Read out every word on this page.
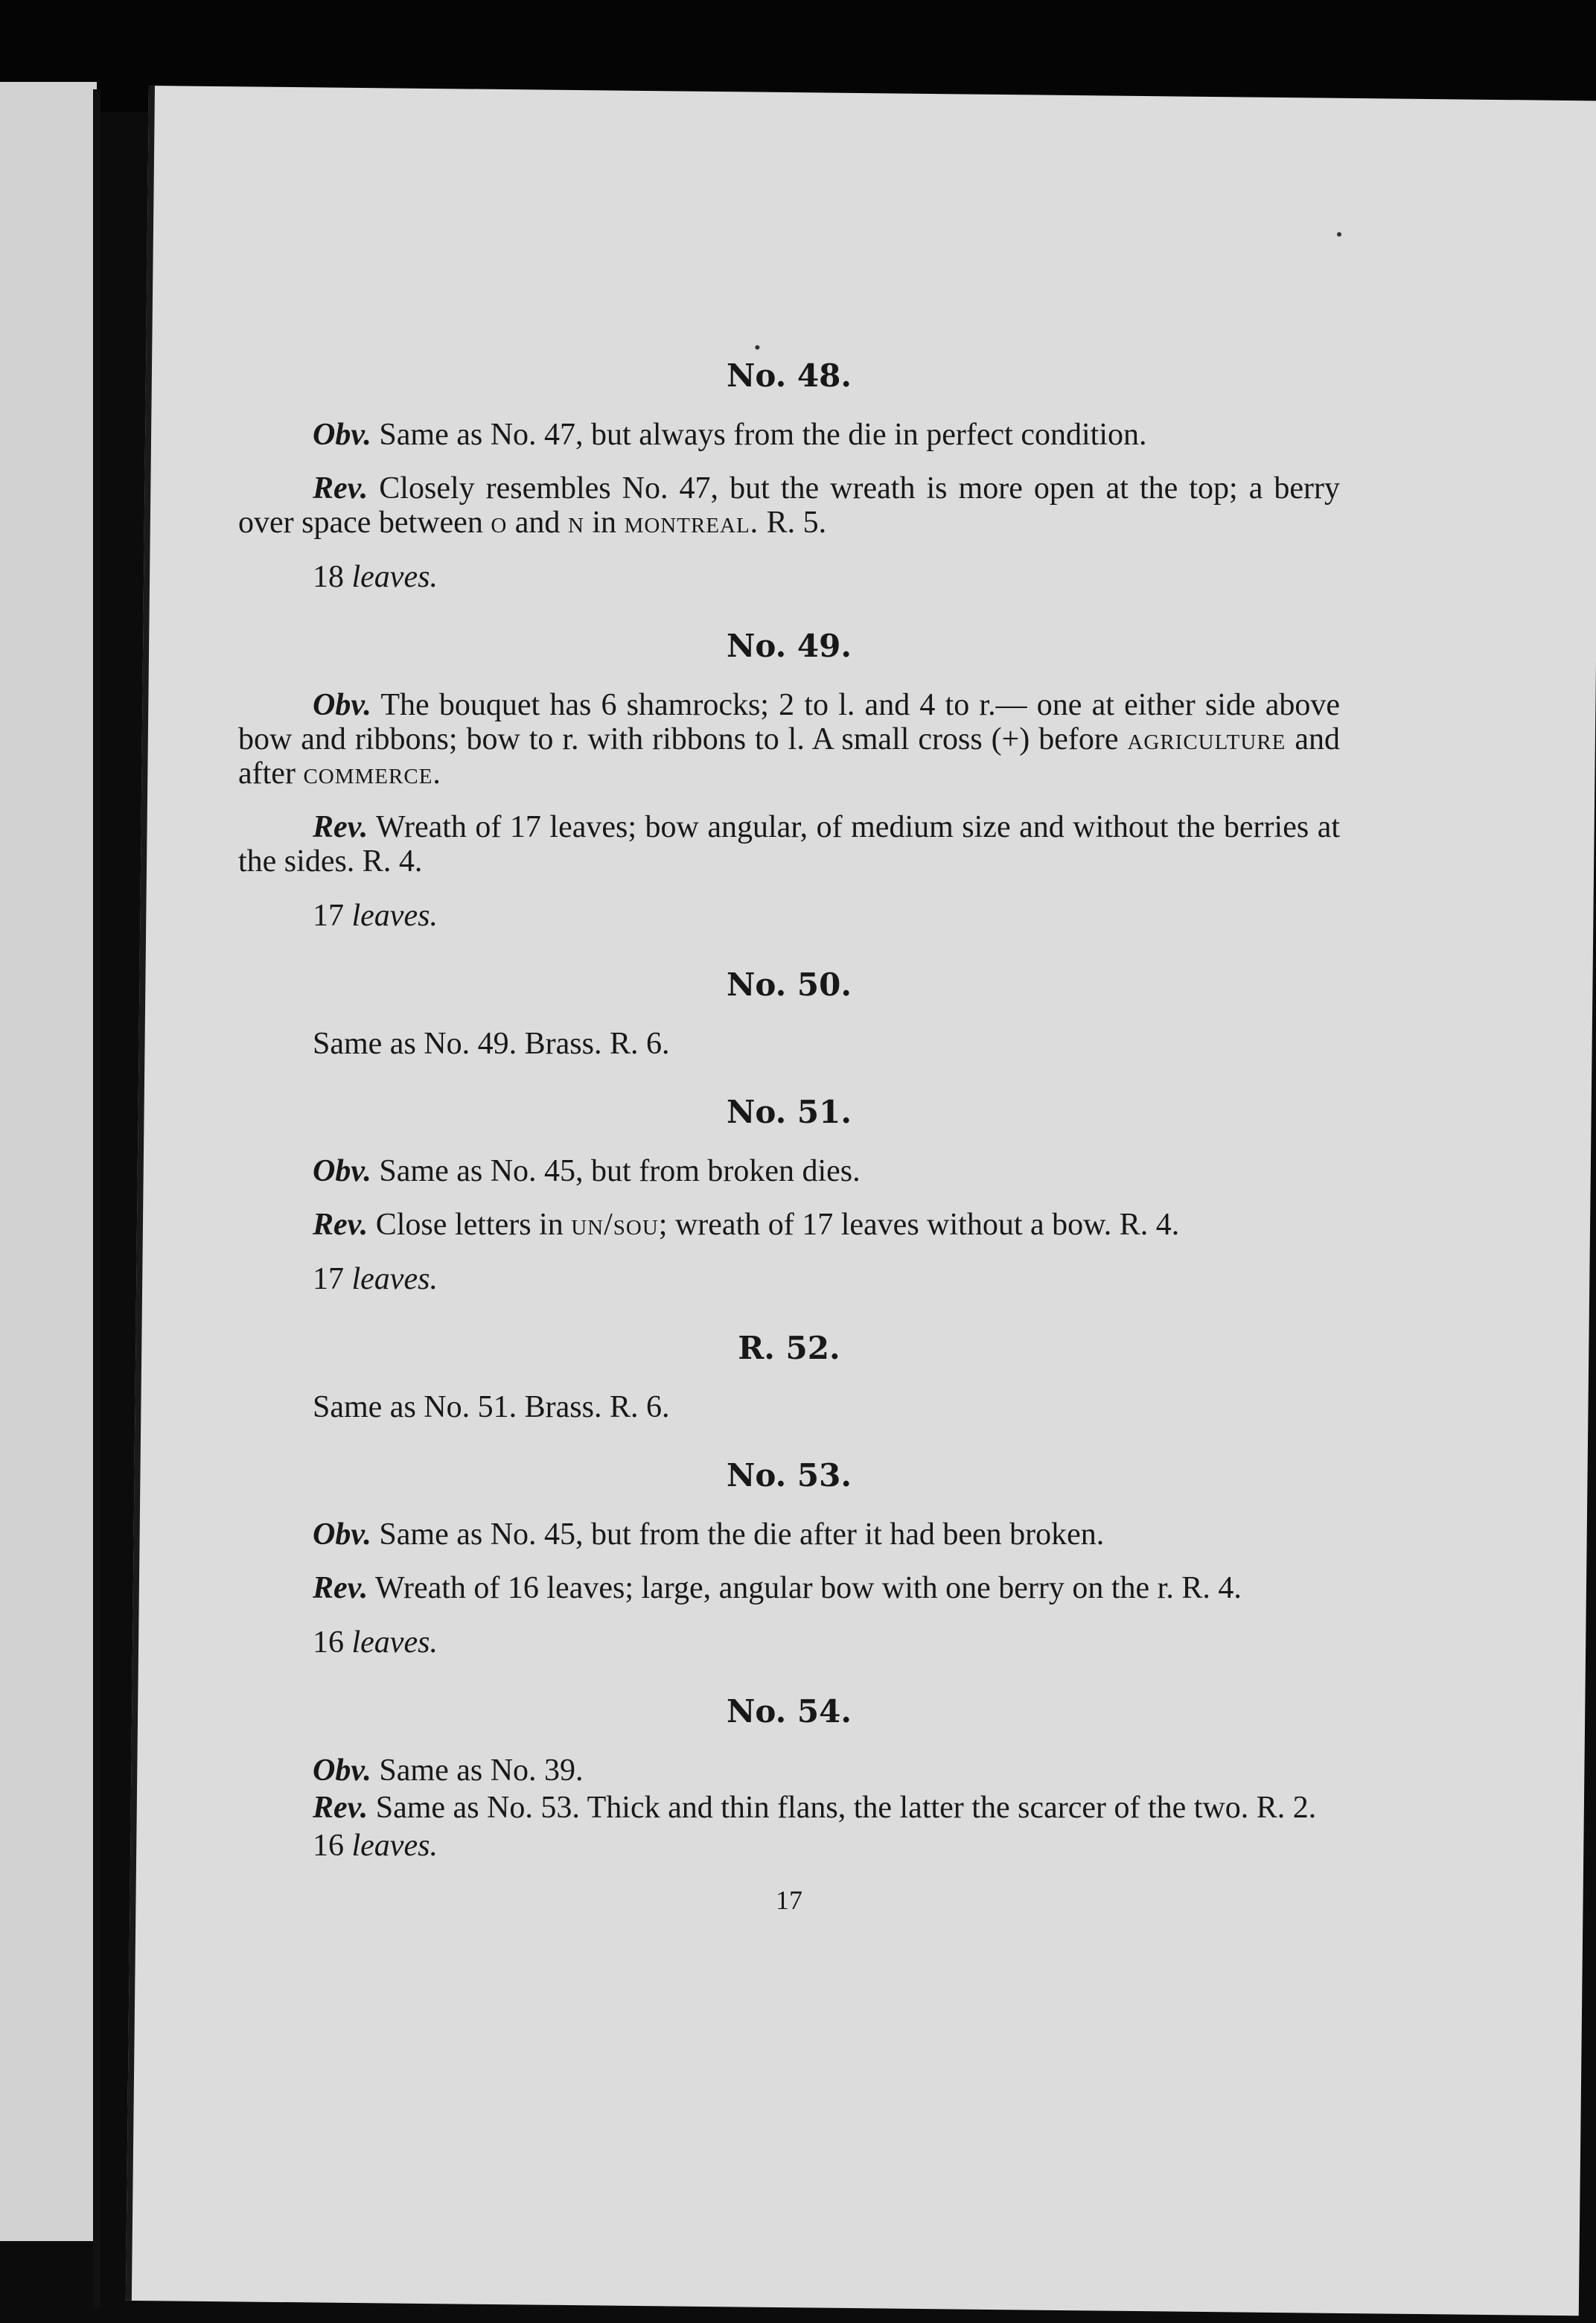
No. 48.

Obv. Same as No. 47, but always from the die in perfect condition.

Rev. Closely resembles No. 47, but the wreath is more open at the top; a berry over space between o and n in montreal. R. 5.

18 leaves.
No. 49.

Obv. The bouquet has 6 shamrocks; 2 to l. and 4 to r.— one at either side above bow and ribbons; bow to r. with ribbons to l. A small cross (+) before agriculture and after commerce.

Rev. Wreath of 17 leaves; bow angular, of medium size and without the berries at the sides. R. 4.

17 leaves.
No. 50.

Same as No. 49. Brass. R. 6.

No. 51.

Obv. Same as No. 45, but from broken dies.

Rev. Close letters in un/sou; wreath of 17 leaves without a bow. R. 4.

17 leaves.
R. 52.

Same as No. 51. Brass. R. 6.

No. 53.

Obv. Same as No. 45, but from the die after it had been broken.

Rev. Wreath of 16 leaves; large, angular bow with one berry on the r. R. 4.

16 leaves.
No. 54.

Obv. Same as No. 39.

Rev. Same as No. 53. Thick and thin flans, the latter the scarcer of the two. R. 2.

16 leaves.
17
